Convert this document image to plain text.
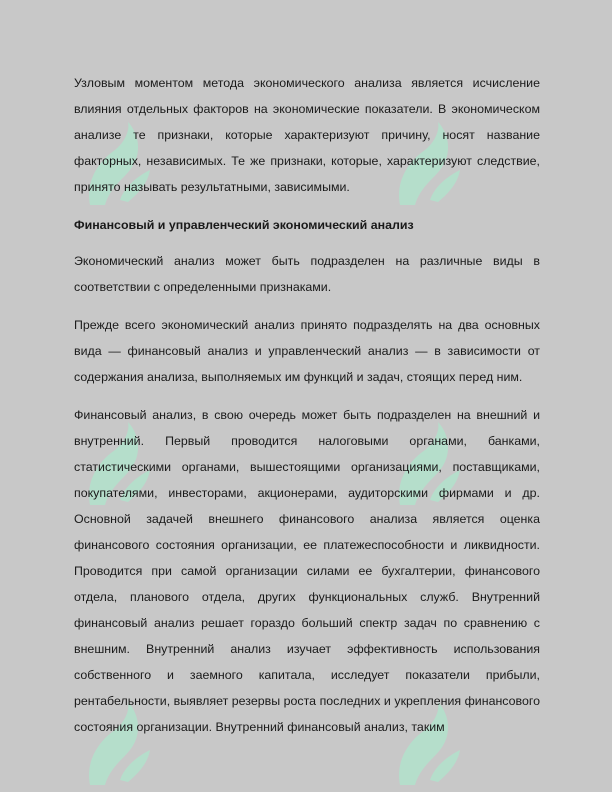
Узловым моментом метода экономического анализа является исчисление влияния отдельных факторов на экономические показатели. В экономическом анализе те признаки, которые характеризуют причину, носят название факторных, независимых. Те же признаки, которые, характеризуют следствие, принято называть результатными, зависимыми.

Финансовый и управленческий экономический анализ

Экономический анализ может быть подразделен на различные виды в соответствии с определенными признаками.

Прежде всего экономический анализ принято подразделять на два основных вида — финансовый анализ и управленческий анализ — в зависимости от содержания анализа, выполняемых им функций и задач, стоящих перед ним.

Финансовый анализ, в свою очередь может быть подразделен на внешний и внутренний. Первый проводится налоговыми органами, банками, статистическими органами, вышестоящими организациями, поставщиками, покупателями, инвесторами, акционерами, аудиторскими фирмами и др. Основной задачей внешнего финансового анализа является оценка финансового состояния организации, ее платежеспособности и ликвидности. Проводится при самой организации силами ее бухгалтерии, финансового отдела, планового отдела, других функциональных служб. Внутренний финансовый анализ решает гораздо больший спектр задач по сравнению с внешним. Внутренний анализ изучает эффективность использования собственного и заемного капитала, исследует показатели прибыли, рентабельности, выявляет резервы роста последних и укрепления финансового состояния организации. Внутренний финансовый анализ, таким
